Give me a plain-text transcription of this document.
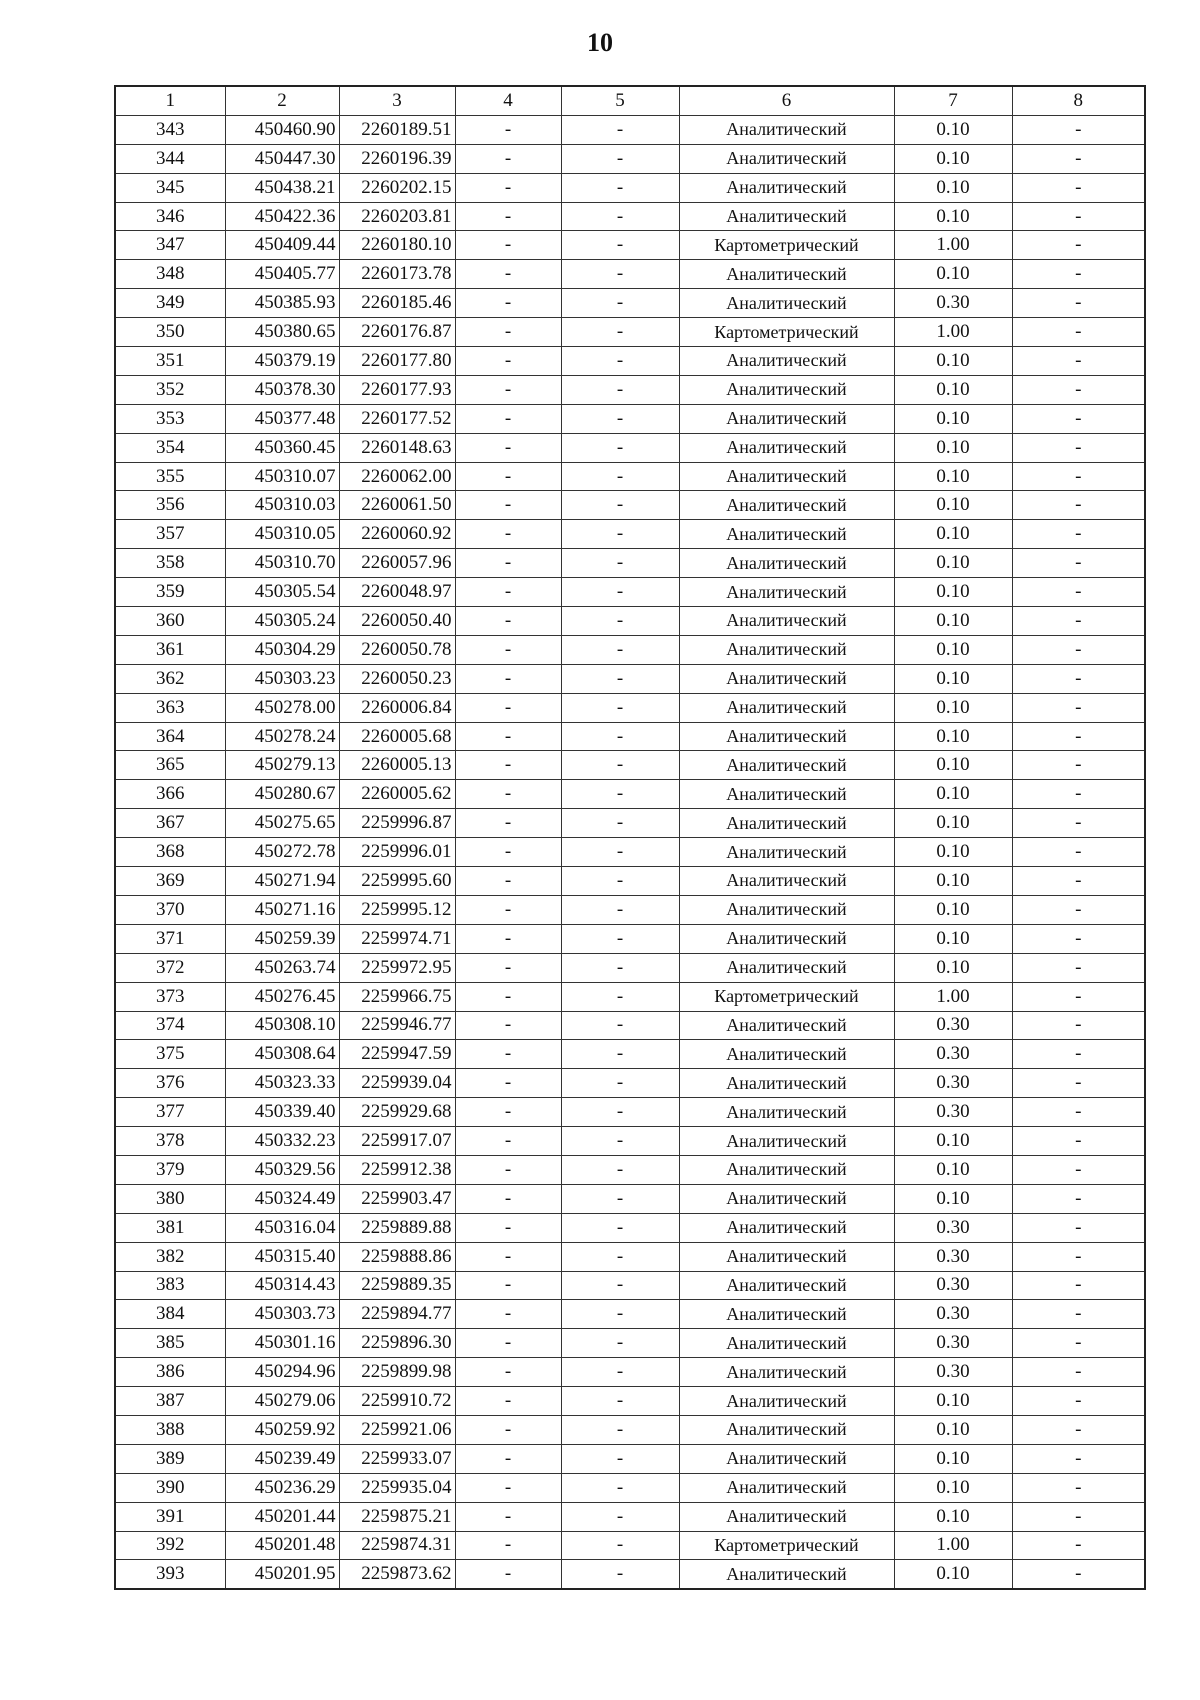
10
1	2	3	4	5	6	7	8
343	450460.90	2260189.51	-	-	Аналитический	0.10	-
344	450447.30	2260196.39	-	-	Аналитический	0.10	-
345	450438.21	2260202.15	-	-	Аналитический	0.10	-
346	450422.36	2260203.81	-	-	Аналитический	0.10	-
347	450409.44	2260180.10	-	-	Картометрический	1.00	-
348	450405.77	2260173.78	-	-	Аналитический	0.10	-
349	450385.93	2260185.46	-	-	Аналитический	0.30	-
350	450380.65	2260176.87	-	-	Картометрический	1.00	-
351	450379.19	2260177.80	-	-	Аналитический	0.10	-
352	450378.30	2260177.93	-	-	Аналитический	0.10	-
353	450377.48	2260177.52	-	-	Аналитический	0.10	-
354	450360.45	2260148.63	-	-	Аналитический	0.10	-
355	450310.07	2260062.00	-	-	Аналитический	0.10	-
356	450310.03	2260061.50	-	-	Аналитический	0.10	-
357	450310.05	2260060.92	-	-	Аналитический	0.10	-
358	450310.70	2260057.96	-	-	Аналитический	0.10	-
359	450305.54	2260048.97	-	-	Аналитический	0.10	-
360	450305.24	2260050.40	-	-	Аналитический	0.10	-
361	450304.29	2260050.78	-	-	Аналитический	0.10	-
362	450303.23	2260050.23	-	-	Аналитический	0.10	-
363	450278.00	2260006.84	-	-	Аналитический	0.10	-
364	450278.24	2260005.68	-	-	Аналитический	0.10	-
365	450279.13	2260005.13	-	-	Аналитический	0.10	-
366	450280.67	2260005.62	-	-	Аналитический	0.10	-
367	450275.65	2259996.87	-	-	Аналитический	0.10	-
368	450272.78	2259996.01	-	-	Аналитический	0.10	-
369	450271.94	2259995.60	-	-	Аналитический	0.10	-
370	450271.16	2259995.12	-	-	Аналитический	0.10	-
371	450259.39	2259974.71	-	-	Аналитический	0.10	-
372	450263.74	2259972.95	-	-	Аналитический	0.10	-
373	450276.45	2259966.75	-	-	Картометрический	1.00	-
374	450308.10	2259946.77	-	-	Аналитический	0.30	-
375	450308.64	2259947.59	-	-	Аналитический	0.30	-
376	450323.33	2259939.04	-	-	Аналитический	0.30	-
377	450339.40	2259929.68	-	-	Аналитический	0.30	-
378	450332.23	2259917.07	-	-	Аналитический	0.10	-
379	450329.56	2259912.38	-	-	Аналитический	0.10	-
380	450324.49	2259903.47	-	-	Аналитический	0.10	-
381	450316.04	2259889.88	-	-	Аналитический	0.30	-
382	450315.40	2259888.86	-	-	Аналитический	0.30	-
383	450314.43	2259889.35	-	-	Аналитический	0.30	-
384	450303.73	2259894.77	-	-	Аналитический	0.30	-
385	450301.16	2259896.30	-	-	Аналитический	0.30	-
386	450294.96	2259899.98	-	-	Аналитический	0.30	-
387	450279.06	2259910.72	-	-	Аналитический	0.10	-
388	450259.92	2259921.06	-	-	Аналитический	0.10	-
389	450239.49	2259933.07	-	-	Аналитический	0.10	-
390	450236.29	2259935.04	-	-	Аналитический	0.10	-
391	450201.44	2259875.21	-	-	Аналитический	0.10	-
392	450201.48	2259874.31	-	-	Картометрический	1.00	-
393	450201.95	2259873.62	-	-	Аналитический	0.10	-
